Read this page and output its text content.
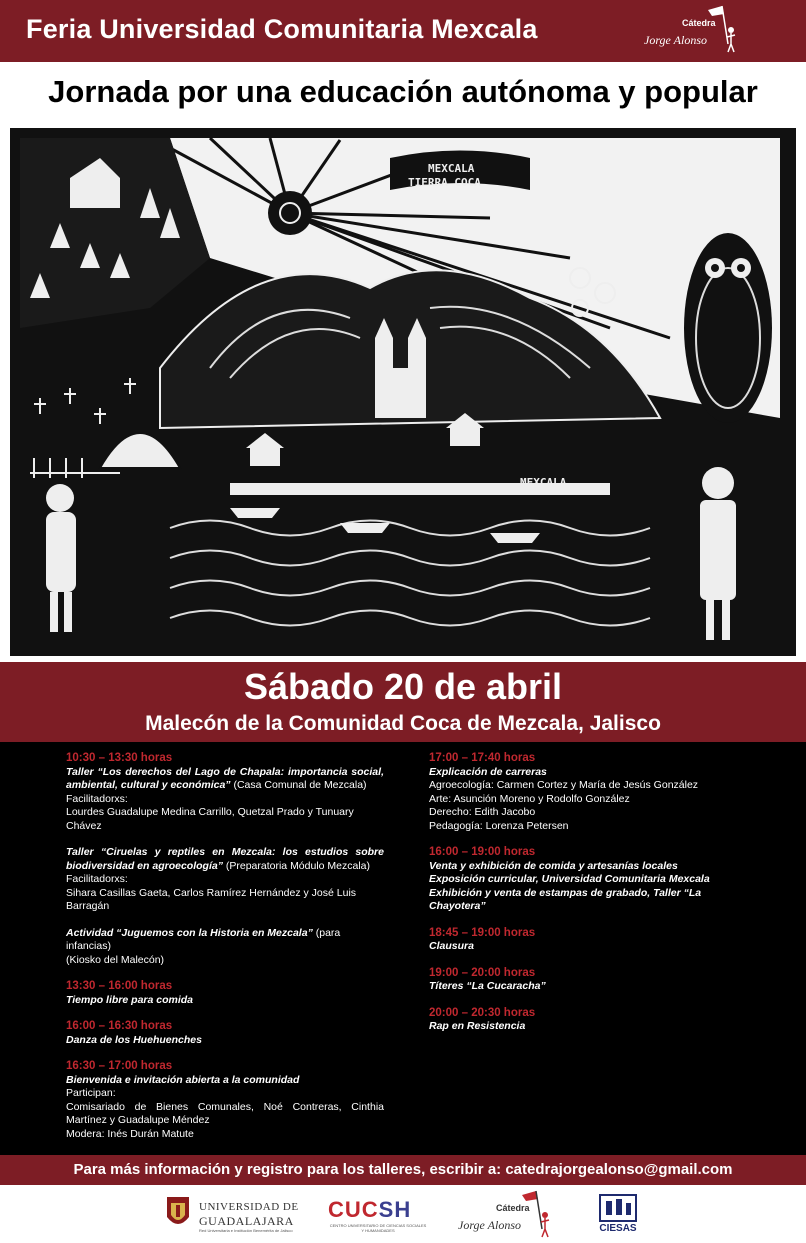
Feria Universidad Comunitaria Mexcala	Cátedra
Jorge Alonso
Jornada por una educación autónoma y popular
MEXCALA
TIERRA COCA
MEXCALA
Sábado 20 de abril
Malecón de la Comunidad Coca de Mezcala, Jalisco
10:30 – 13:30 horas
Taller “Los derechos del Lago de Chapala: importancia social, ambiental, cultural y económica” (Casa Comunal de Mezcala)
Facilitadorxs:
Lourdes Guadalupe Medina Carrillo, Quetzal Prado y Tunuary Chávez
Taller “Ciruelas y reptiles en Mezcala: los estudios sobre biodiversidad en agroecología” (Preparatoria Módulo Mezcala)
Facilitadorxs:
Sihara Casillas Gaeta, Carlos Ramírez Hernández y José Luis Barragán
Actividad “Juguemos con la Historia en Mezcala” (para infancias)
(Kiosko del Malecón)
13:30 – 16:00 horas
Tiempo libre para comida
16:00 – 16:30 horas
Danza de los Huehuenches
16:30 – 17:00 horas
Bienvenida e invitación abierta a la comunidad
Participan:
Comisariado de Bienes Comunales, Noé Contreras, Cinthia Martínez y Guadalupe Méndez
Modera: Inés Durán Matute
17:00 – 17:40 horas
Explicación de carreras
Agroecología: Carmen Cortez y María de Jesús González
Arte: Asunción Moreno y Rodolfo González
Derecho: Edith Jacobo
Pedagogía: Lorenza Petersen
16:00 – 19:00 horas
Venta y exhibición de comida y artesanías locales
Exposición curricular, Universidad Comunitaria Mexcala
Exhibición y venta de estampas de grabado, Taller “La Chayotera”
18:45 – 19:00 horas
Clausura
19:00 – 20:00 horas
Títeres “La Cucaracha”
20:00 – 20:30 horas
Rap en Resistencia
Para más información y registro para los talleres, escribir a: catedrajorgealonso@gmail.com
UNIVERSIDAD DE
GUADALAJARA
Red Universitaria e Institución Benemérita de Jalisco
CUCSH
CENTRO UNIVERSITARIO DE CIENCIAS SOCIALES Y HUMANIDADES
Cátedra
Jorge Alonso	CIESAS
